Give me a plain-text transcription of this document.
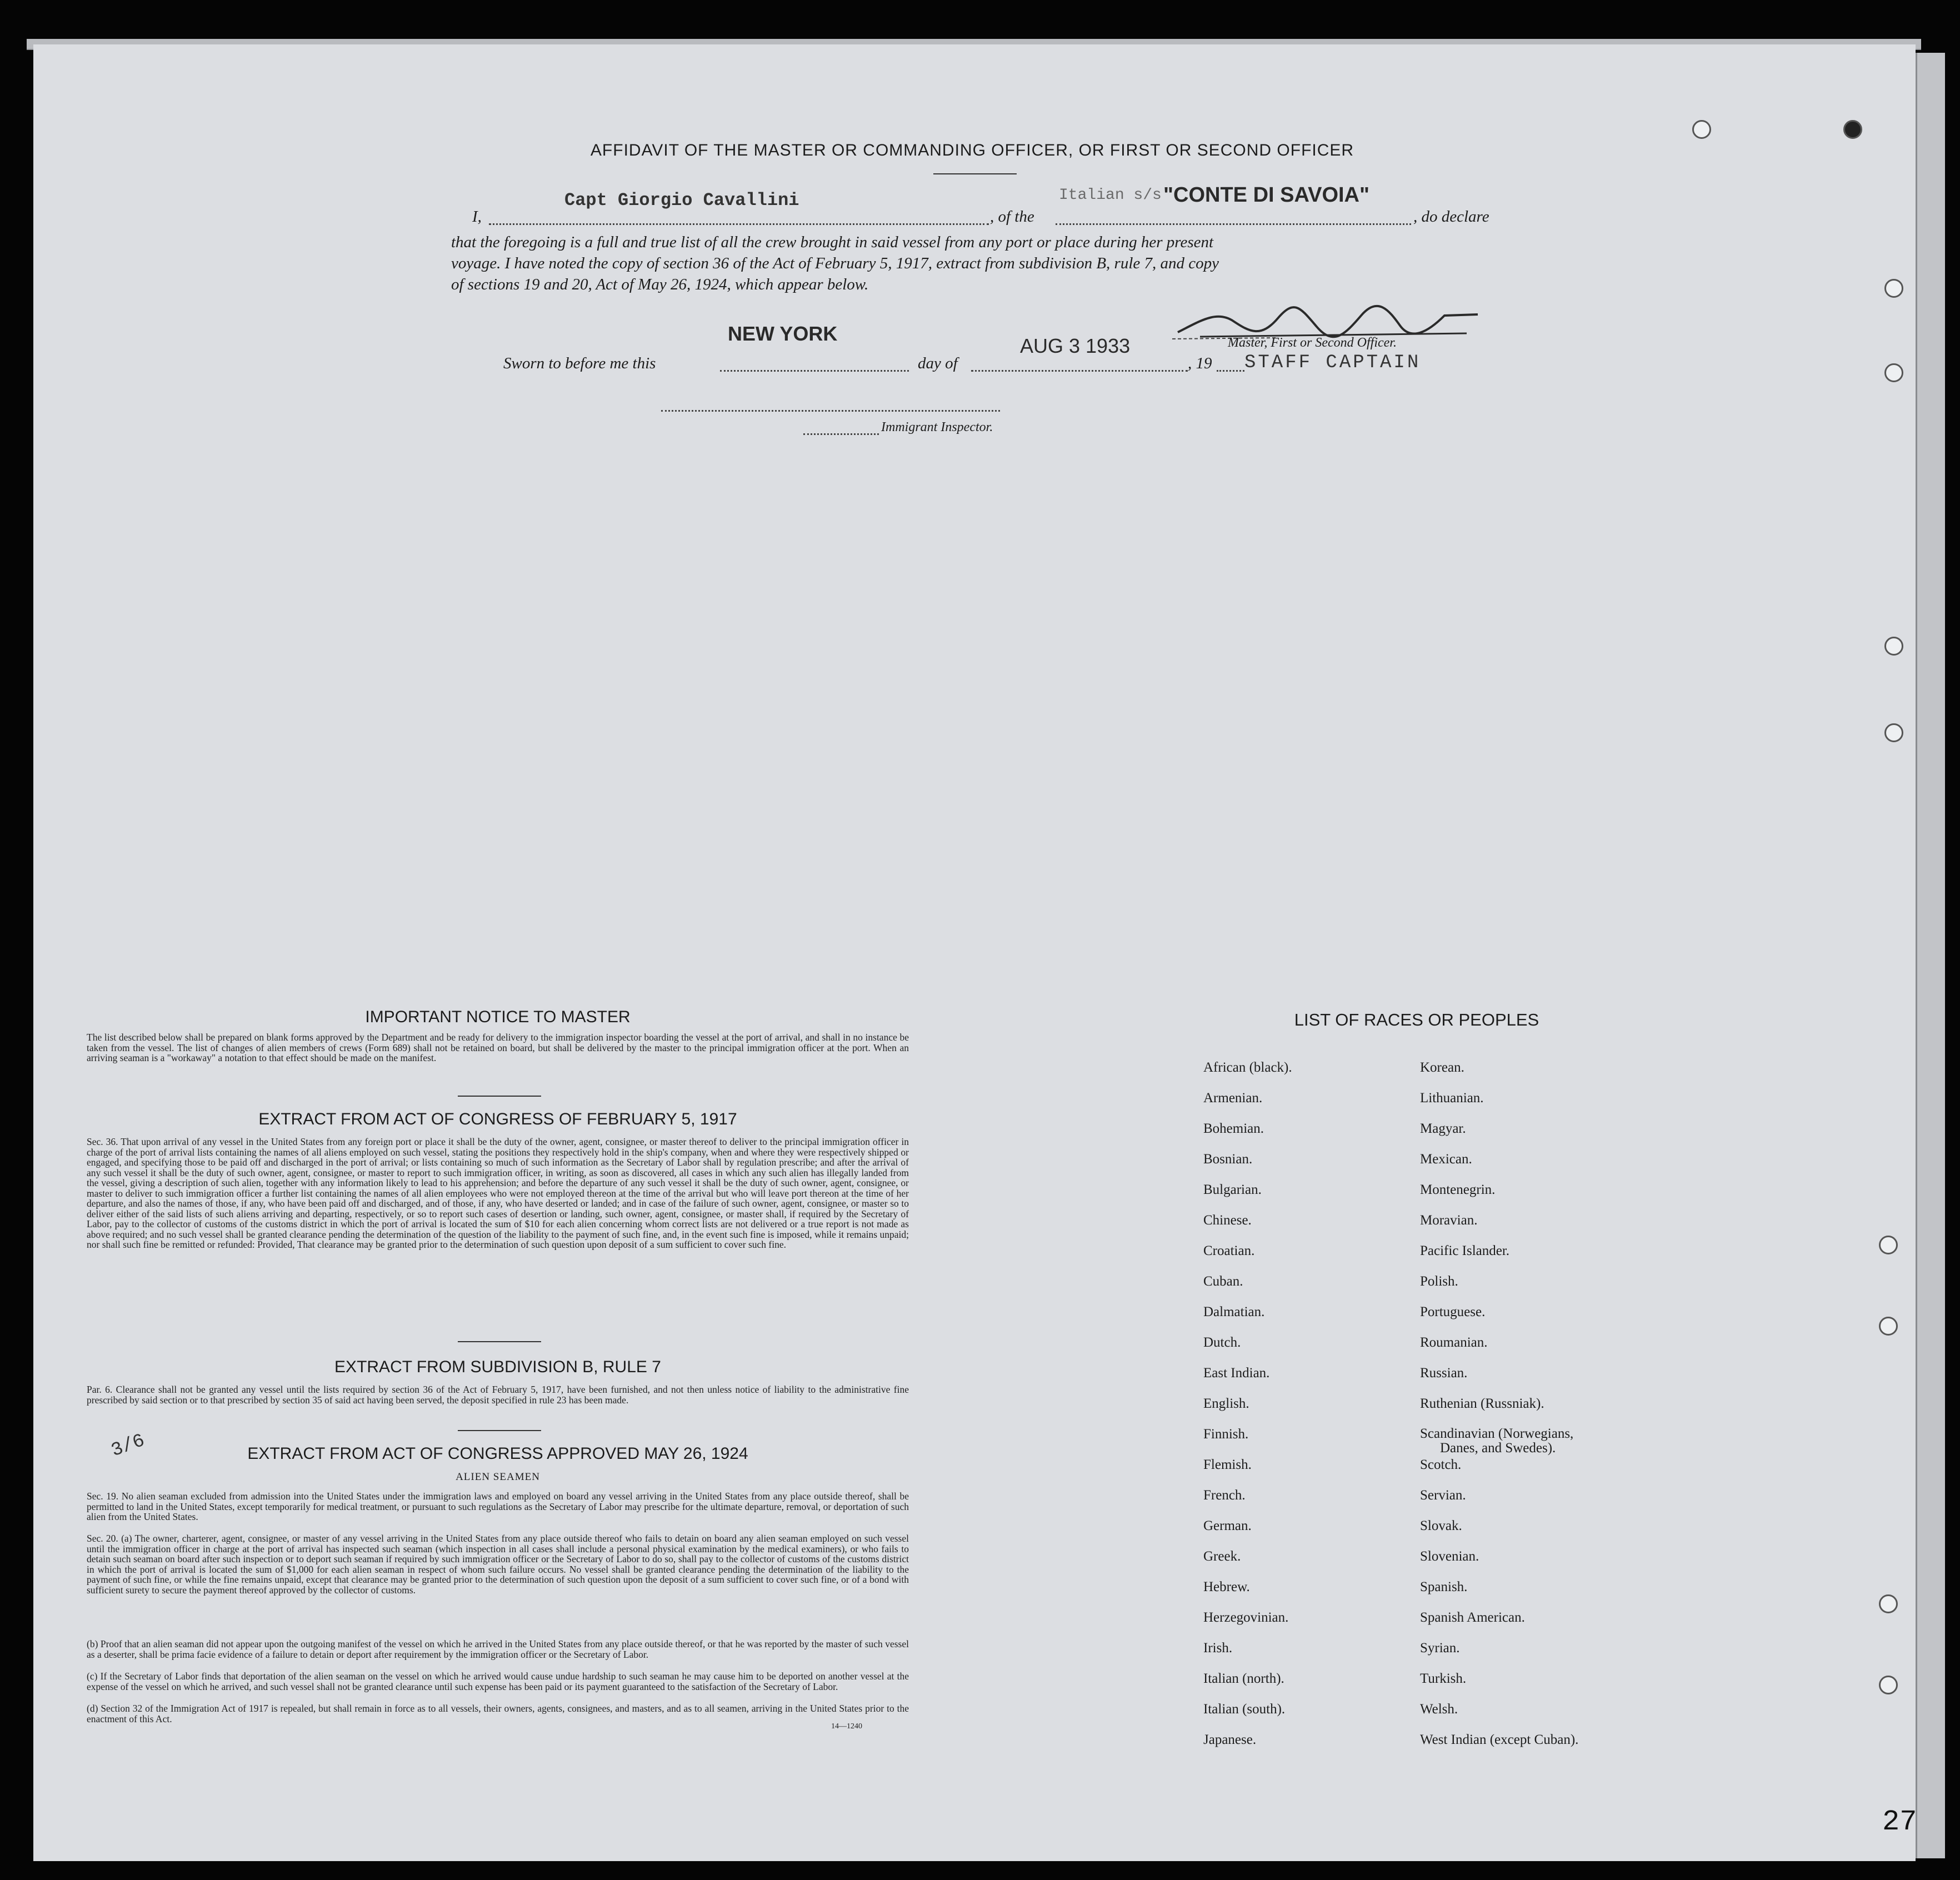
AFFIDAVIT OF THE MASTER OR COMMANDING OFFICER, OR FIRST OR SECOND OFFICER
I,
Capt Giorgio Cavallini
, of the
Italian s/s "CONTE DI SAVOIA"
, do declare
that the foregoing is a full and true list of all the crew brought in said vessel from any port or place during her present
voyage. I have noted the copy of section 36 of the Act of February 5, 1917, extract from subdivision B, rule 7, and copy
of sections 19 and 20, Act of May 26, 1924, which appear below.
Master, First or Second Officer.
NEW YORK
Sworn to before me this	day of
AUG 3 1933
, 19 STAFF CAPTAIN
Immigrant Inspector.
IMPORTANT NOTICE TO MASTER
The list described below shall be prepared on blank forms approved by the Department and be ready for delivery to the immigration inspector boarding the vessel at the port of arrival, and shall in no instance be taken from the vessel. The list of changes of alien members of crews (Form 689) shall not be retained on board, but shall be delivered by the master to the principal immigration officer at the port. When an arriving seaman is a "workaway" a notation to that effect should be made on the manifest.
EXTRACT FROM ACT OF CONGRESS OF FEBRUARY 5, 1917
Sec. 36. That upon arrival of any vessel in the United States from any foreign port or place it shall be the duty of the owner, agent, consignee, or master thereof to deliver to the principal immigration officer in charge of the port of arrival lists containing the names of all aliens employed on such vessel, stating the positions they respectively hold in the ship's company, when and where they were respectively shipped or engaged, and specifying those to be paid off and discharged in the port of arrival; or lists containing so much of such information as the Secretary of Labor shall by regulation prescribe; and after the arrival of any such vessel it shall be the duty of such owner, agent, consignee, or master to report to such immigration officer, in writing, as soon as discovered, all cases in which any such alien has illegally landed from the vessel, giving a description of such alien, together with any information likely to lead to his apprehension; and before the departure of any such vessel it shall be the duty of such owner, agent, consignee, or master to deliver to such immigration officer a further list containing the names of all alien employees who were not employed thereon at the time of the arrival but who will leave port thereon at the time of her departure, and also the names of those, if any, who have been paid off and discharged, and of those, if any, who have deserted or landed; and in case of the failure of such owner, agent, consignee, or master so to deliver either of the said lists of such aliens arriving and departing, respectively, or so to report such cases of desertion or landing, such owner, agent, consignee, or master shall, if required by the Secretary of Labor, pay to the collector of customs of the customs district in which the port of arrival is located the sum of $10 for each alien concerning whom correct lists are not delivered or a true report is not made as above required; and no such vessel shall be granted clearance pending the determination of the question of the liability to the payment of such fine, and, in the event such fine is imposed, while it remains unpaid; nor shall such fine be remitted or refunded: Provided, That clearance may be granted prior to the determination of such question upon deposit of a sum sufficient to cover such fine.
EXTRACT FROM SUBDIVISION B, RULE 7
Par. 6. Clearance shall not be granted any vessel until the lists required by section 36 of the Act of February 5, 1917, have been furnished, and not then unless notice of liability to the administrative fine prescribed by said section or to that prescribed by section 35 of said act having been served, the deposit specified in rule 23 has been made.
3/6	EXTRACT FROM ACT OF CONGRESS APPROVED MAY 26, 1924
ALIEN SEAMEN
Sec. 19. No alien seaman excluded from admission into the United States under the immigration laws and employed on board any vessel arriving in the United States from any place outside thereof, shall be permitted to land in the United States, except temporarily for medical treatment, or pursuant to such regulations as the Secretary of Labor may prescribe for the ultimate departure, removal, or deportation of such alien from the United States.
Sec. 20. (a) The owner, charterer, agent, consignee, or master of any vessel arriving in the United States from any place outside thereof who fails to detain on board any alien seaman employed on such vessel until the immigration officer in charge at the port of arrival has inspected such seaman (which inspection in all cases shall include a personal physical examination by the medical examiners), or who fails to detain such seaman on board after such inspection or to deport such seaman if required by such immigration officer or the Secretary of Labor to do so, shall pay to the collector of customs of the customs district in which the port of arrival is located the sum of $1,000 for each alien seaman in respect of whom such failure occurs. No vessel shall be granted clearance pending the determination of the liability to the payment of such fine, or while the fine remains unpaid, except that clearance may be granted prior to the determination of such question upon the deposit of a sum sufficient to cover such fine, or of a bond with sufficient surety to secure the payment thereof approved by the collector of customs.
(b) Proof that an alien seaman did not appear upon the outgoing manifest of the vessel on which he arrived in the United States from any place outside thereof, or that he was reported by the master of such vessel as a deserter, shall be prima facie evidence of a failure to detain or deport after requirement by the immigration officer or the Secretary of Labor.
(c) If the Secretary of Labor finds that deportation of the alien seaman on the vessel on which he arrived would cause undue hardship to such seaman he may cause him to be deported on another vessel at the expense of the vessel on which he arrived, and such vessel shall not be granted clearance until such expense has been paid or its payment guaranteed to the satisfaction of the Secretary of Labor.
(d) Section 32 of the Immigration Act of 1917 is repealed, but shall remain in force as to all vessels, their owners, agents, consignees, and masters, and as to all seamen, arriving in the United States prior to the enactment of this Act.
14—1240
LIST OF RACES OR PEOPLES
African (black).
Armenian.
Bohemian.
Bosnian.
Bulgarian.
Chinese.
Croatian.
Cuban.
Dalmatian.
Dutch.
East Indian.
English.
Finnish.
Flemish.
French.
German.
Greek.
Hebrew.
Herzegovinian.
Irish.
Italian (north).
Italian (south).
Japanese.
Korean.
Lithuanian.
Magyar.
Mexican.
Montenegrin.
Moravian.
Pacific Islander.
Polish.
Portuguese.
Roumanian.
Russian.
Ruthenian (Russniak).
Scandinavian (Norwegians,
Danes, and Swedes).
Scotch.
Servian.
Slovak.
Slovenian.
Spanish.
Spanish American.
Syrian.
Turkish.
Welsh.
West Indian (except Cuban).
27
